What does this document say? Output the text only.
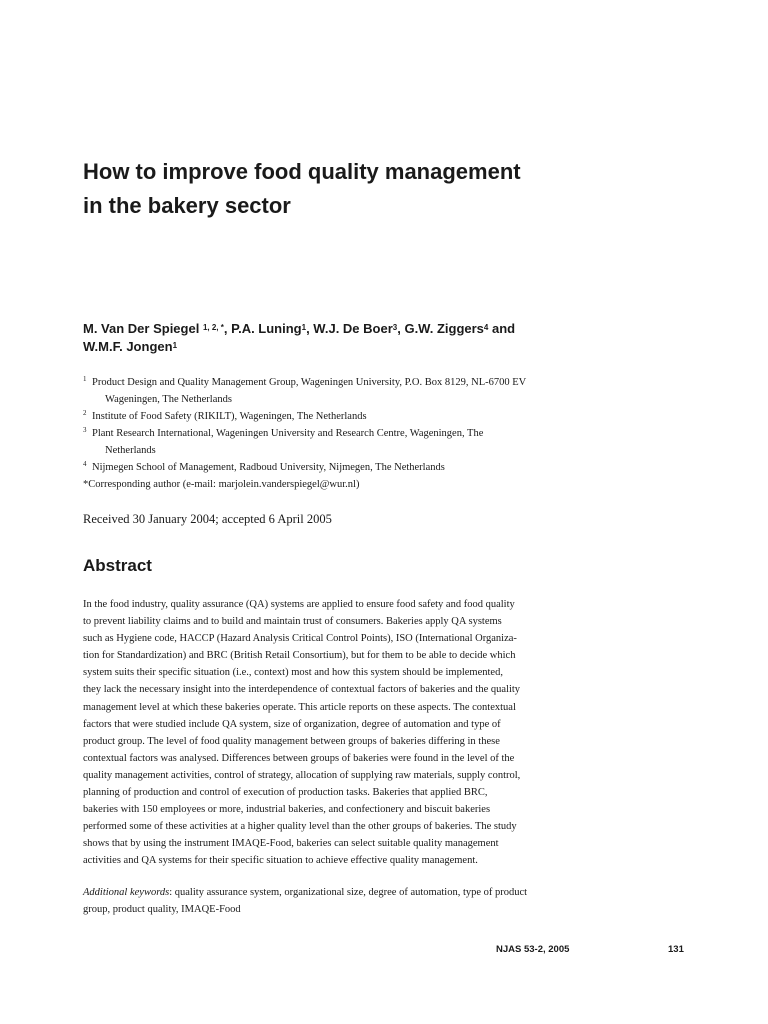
How to improve food quality management
in the bakery sector

M. Van Der Spiegel $^{1, 2, *}$, P.A. Luning$^1$, W.J. De Boer$^3$, G.W. Ziggers$^4$ and
W.M.F. Jongen$^1$

1 Product Design and Quality Management Group, Wageningen University, P.O. Box 8129, NL-6700 EV
Wageningen, The Netherlands
2 Institute of Food Safety (RIKILT), Wageningen, The Netherlands
3 Plant Research International, Wageningen University and Research Centre, Wageningen, The
Netherlands
4 Nijmegen School of Management, Radboud University, Nijmegen, The Netherlands
*Corresponding author (e-mail: marjolein.vanderspiegel@wur.nl)

Received 30 January 2004; accepted 6 April 2005

Abstract

In the food industry, quality assurance (QA) systems are applied to ensure food safety and food quality
to prevent liability claims and to build and maintain trust of consumers. Bakeries apply QA systems
such as Hygiene code, HACCP (Hazard Analysis Critical Control Points), ISO (International Organiza-
tion for Standardization) and BRC (British Retail Consortium), but for them to be able to decide which
system suits their specific situation (i.e., context) most and how this system should be implemented,
they lack the necessary insight into the interdependence of contextual factors of bakeries and the quality
management level at which these bakeries operate. This article reports on these aspects. The contextual
factors that were studied include QA system, size of organization, degree of automation and type of
product group. The level of food quality management between groups of bakeries differing in these
contextual factors was analysed. Differences between groups of bakeries were found in the level of the
quality management activities, control of strategy, allocation of supplying raw materials, supply control,
planning of production and control of execution of production tasks. Bakeries that applied BRC,
bakeries with 150 employees or more, industrial bakeries, and confectionery and biscuit bakeries
performed some of these activities at a higher quality level than the other groups of bakeries. The study
shows that by using the instrument IMAQE-Food, bakeries can select suitable quality management
activities and QA systems for their specific situation to achieve effective quality management.

Additional keywords: quality assurance system, organizational size, degree of automation, type of product
group, product quality, IMAQE-Food

NJAS 53-2, 2005	131
